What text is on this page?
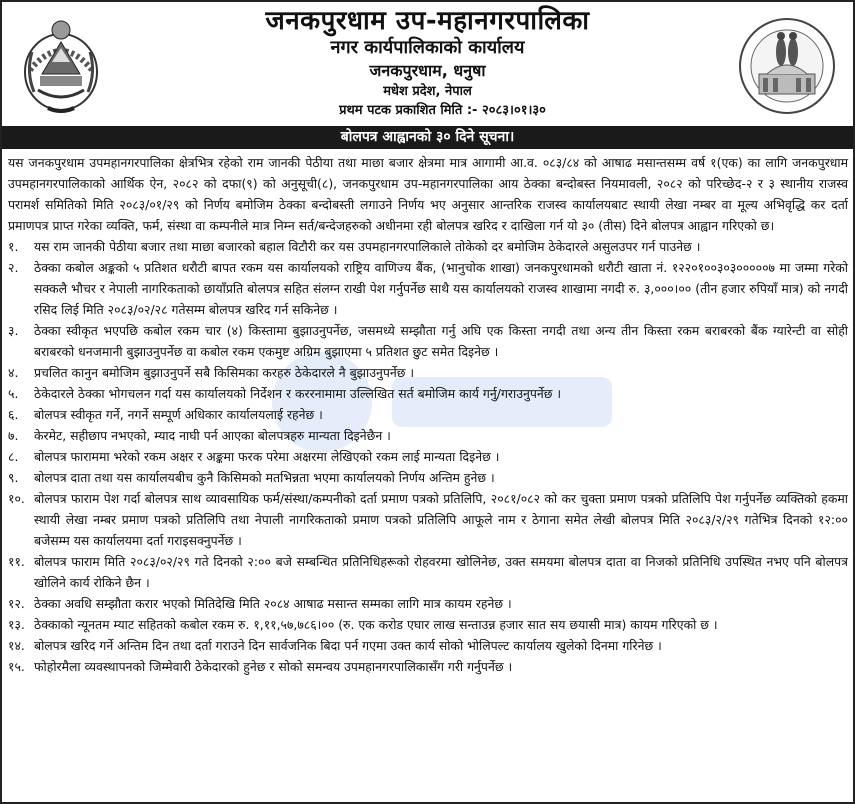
जनकपुरधाम उप-महानगरपालिका
नगर कार्यपालिकाको कार्यालय
जनकपुरधाम, धनुषा
मधेश प्रदेश, नेपाल
प्रथम पटक प्रकाशित मिति :- २०८३।०१।३०
बोलपत्र आह्वानको ३० दिने सूचना।

यस जनकपुरधाम उपमहानगरपालिका क्षेत्रभित्र रहेको राम जानकी पेठीया तथा माछा बजार क्षेत्रमा मात्र आगामी आ.व. ०८३/८४ को आषाढ मसान्तसम्म वर्ष १(एक) का लागि जनकपुरधाम उपमहानगरपालिकाको आर्थिक ऐन, २०८२ को दफा(९) को अनुसूची(८), जनकपुरधाम उप-महानगरपालिका आय ठेक्का बन्दोबस्त नियमावली, २०८२ को परिच्छेद-२ र ३ स्थानीय राजस्व परामर्श समितिको मिति २०८३/०१/२९ को निर्णय बमोजिम ठेक्का बन्दोबस्ती लगाउने निर्णय भए अनुसार आन्तरिक राजस्व कार्यालयबाट स्थायी लेखा नम्बर वा मूल्य अभिवृद्धि कर दर्ता प्रमाणपत्र प्राप्त गरेका व्यक्ति, फर्म, संस्था वा कम्पनीले मात्र निम्न सर्त/बन्देजहरुको अधीनमा रही बोलपत्र खरिद र दाखिला गर्न यो ३० (तीस) दिने बोलपत्र आह्वान गरिएको छ।

१.	यस राम जानकी पेठीया बजार तथा माछा बजारको बहाल विटौरी कर यस उपमहानगरपालिकाले तोकेको दर बमोजिम ठेकेदारले असुलउपर गर्न पाउनेछ ।
२.	ठेक्का कबोल अङ्कको ५ प्रतिशत धरौटी बापत रकम यस कार्यालयको राष्ट्रिय वाणिज्य बैंक, (भानुचोक शाखा) जनकपुरधामको धरौटी खाता नं. १२२०१००३०३०००००७ मा जम्मा गरेको सक्कलै भौचर र नेपाली नागरिकताको छायाँप्रति बोलपत्र सहित संलग्न राखी पेश गर्नुपर्नेछ साथै यस कार्यालयको राजस्व शाखामा नगदी रु. ३,०००।०० (तीन हजार रुपियाँ मात्र) को नगदी रसिद लिई मिति २०८३/०२/२८ गतेसम्म बोलपत्र खरिद गर्न सकिनेछ ।
३.	ठेक्का स्वीकृत भएपछि कबोल रकम चार (४) किस्तामा बुझाउनुपर्नेछ, जसमध्ये सम्झौता गर्नु अघि एक किस्ता नगदी तथा अन्य तीन किस्ता रकम बराबरको बैंक ग्यारेन्टी वा सोही बराबरको धनजमानी बुझाउनुपर्नेछ वा कबोल रकम एकमुष्ट अग्रिम बुझाएमा ५ प्रतिशत छुट समेत दिइनेछ ।
४.	प्रचलित कानुन बमोजिम बुझाउनुपर्ने सबै किसिमका करहरु ठेकेदारले नै बुझाउनुपर्नेछ ।
५.	ठेकेदारले ठेक्का भोगचलन गर्दा यस कार्यालयको निर्देशन र कररनामामा उल्लिखित सर्त बमोजिम कार्य गर्नु/गराउनुपर्नेछ ।
६.	बोलपत्र स्वीकृत गर्ने, नगर्ने सम्पूर्ण अधिकार कार्यालयलाई रहनेछ ।
७.	केरमेट, सहीछाप नभएको, म्याद नाघी पर्न आएका बोलपत्रहरु मान्यता दिइनेछैन ।
८.	बोलपत्र फाराममा भरेको रकम अक्षर र अङ्कमा फरक परेमा अक्षरमा लेखिएको रकम लाई मान्यता दिइनेछ ।
९.	बोलपत्र दाता तथा यस कार्यालयबीच कुनै किसिमको मतभिन्नता भएमा कार्यालयको निर्णय अन्तिम हुनेछ ।
१०. बोलपत्र फाराम पेश गर्दा बोलपत्र साथ व्यावसायिक फर्म/संस्था/कम्पनीको दर्ता प्रमाण पत्रको प्रतिलिपि, २०८१/०८२ को कर चुक्ता प्रमाण पत्रको प्रतिलिपि पेश गर्नुपर्नेछ व्यक्तिको हकमा स्थायी लेखा नम्बर प्रमाण पत्रको प्रतिलिपि तथा नेपाली नागरिकताको प्रमाण पत्रको प्रतिलिपि आफूले नाम र ठेगाना समेत लेखी बोलपत्र मिति २०८३/२/२९ गतेभित्र दिनको १२:०० बजेसम्म यस कार्यालयमा दर्ता गराइसक्नुपर्नेछ ।
११. बोलपत्र फाराम मिति २०८३/०२/२९ गते दिनको २:०० बजे सम्बन्धित प्रतिनिधिहरूको रोहवरमा खोलिनेछ, उक्त समयमा बोलपत्र दाता वा निजको प्रतिनिधि उपस्थित नभए पनि बोलपत्र खोलिने कार्य रोकिने छैन ।
१२. ठेक्का अवधि सम्झौता करार भएको मितिदेखि मिति २०८४ आषाढ मसान्त सम्मका लागि मात्र कायम रहनेछ ।
१३. ठेक्काको न्यूनतम म्याट सहितको कबोल रकम रु. १,११,५७,७८६।०० (रु. एक करोड एघार लाख सन्ताउन्न हजार सात सय छयासी मात्र) कायम गरिएको छ ।
१४. बोलपत्र खरिद गर्ने अन्तिम दिन तथा दर्ता गराउने दिन सार्वजनिक बिदा पर्न गएमा उक्त कार्य सोको भोलिपल्ट कार्यालय खुलेको दिनमा गरिनेछ ।
१५. फोहोरमैला व्यवस्थापनको जिम्मेवारी ठेकेदारको हुनेछ र सोको समन्वय उपमहानगरपालिकासँग गरी गर्नुपर्नेछ ।
